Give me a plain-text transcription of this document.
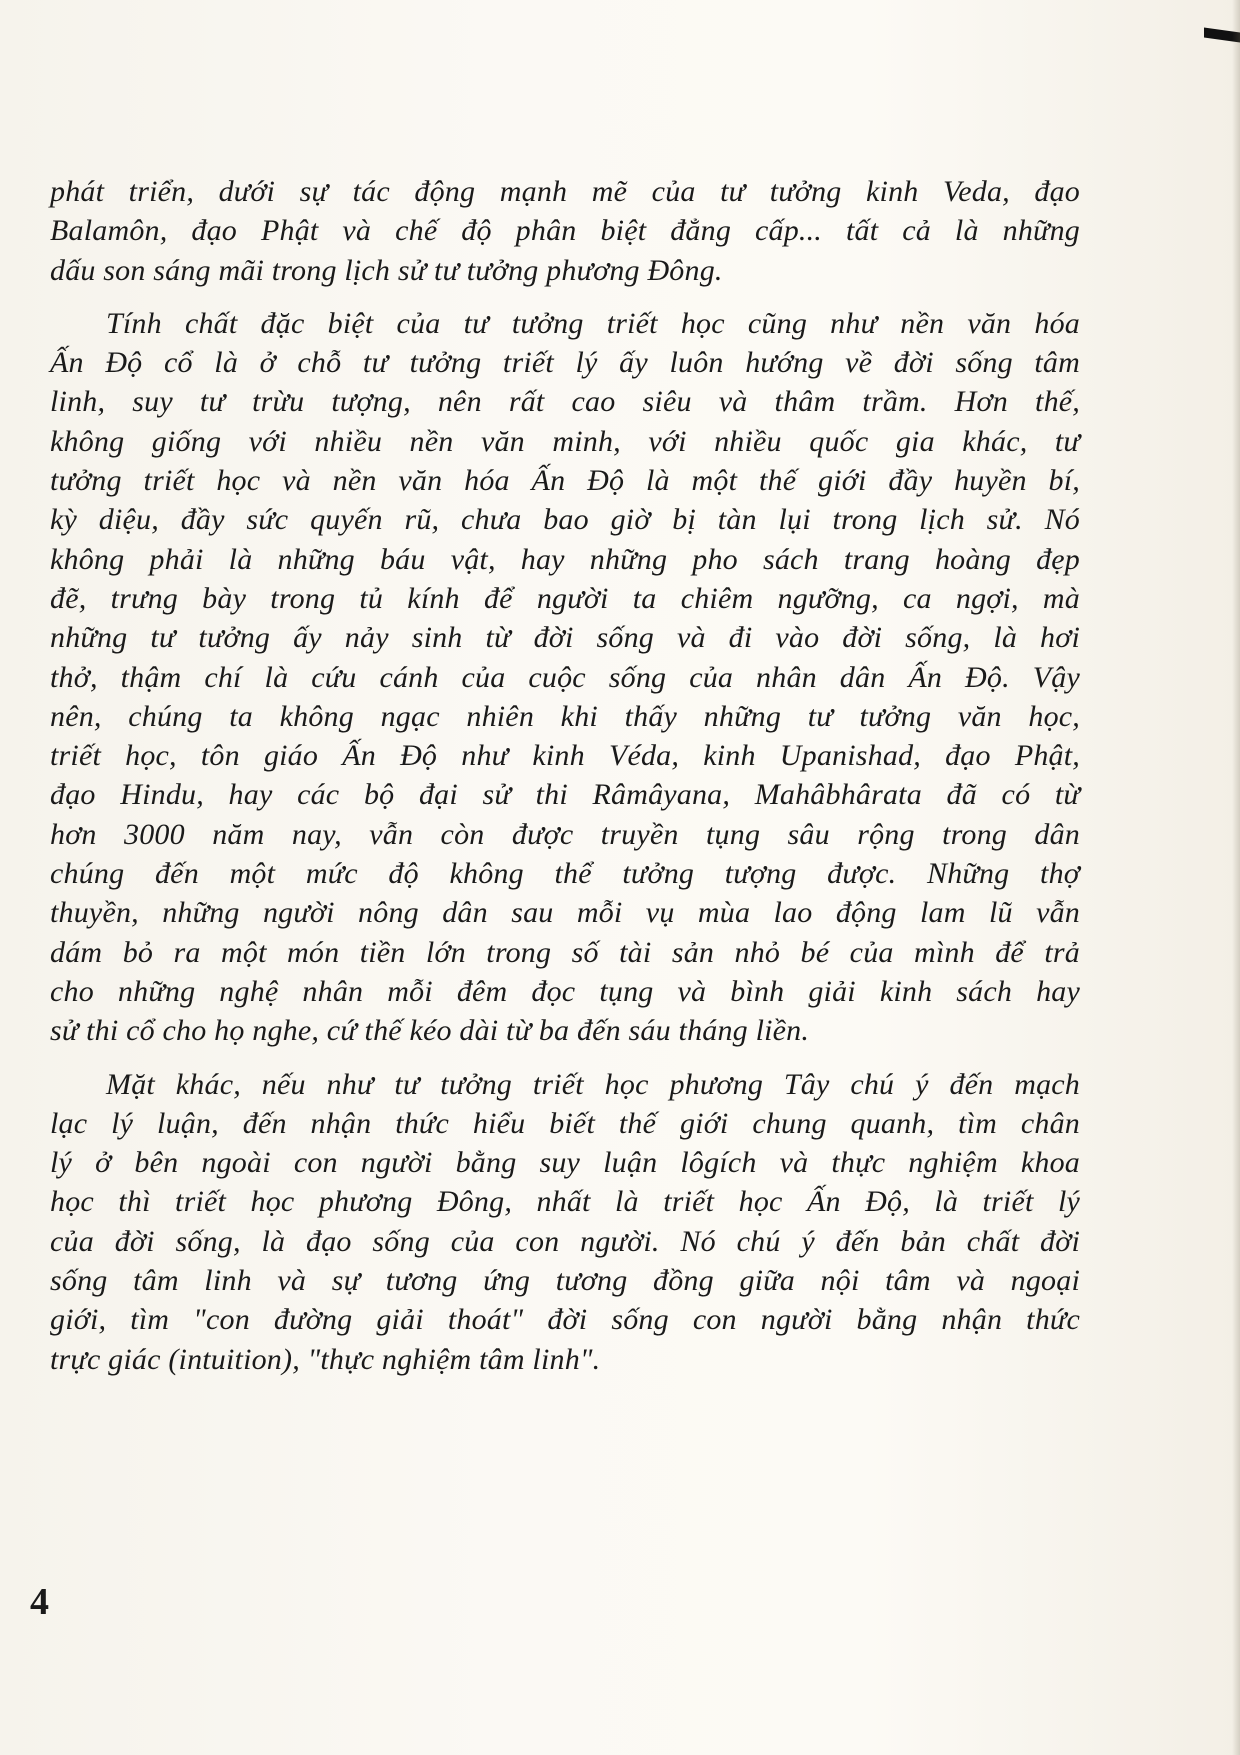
phát triển, dưới sự tác động mạnh mẽ của tư tưởng kinh Veda, đạo
Balamôn, đạo Phật và chế độ phân biệt đẳng cấp... tất cả là những
dấu son sáng mãi trong lịch sử tư tưởng phương Đông.

Tính chất đặc biệt của tư tưởng triết học cũng như nền văn hóa
Ấn Độ cổ là ở chỗ tư tưởng triết lý ấy luôn hướng về đời sống tâm
linh, suy tư trừu tượng, nên rất cao siêu và thâm trầm. Hơn thế,
không giống với nhiều nền văn minh, với nhiều quốc gia khác, tư
tưởng triết học và nền văn hóa Ấn Độ là một thế giới đầy huyền bí,
kỳ diệu, đầy sức quyến rũ, chưa bao giờ bị tàn lụi trong lịch sử. Nó
không phải là những báu vật, hay những pho sách trang hoàng đẹp
đẽ, trưng bày trong tủ kính để người ta chiêm ngưỡng, ca ngợi, mà
những tư tưởng ấy nảy sinh từ đời sống và đi vào đời sống, là hơi
thở, thậm chí là cứu cánh của cuộc sống của nhân dân Ấn Độ. Vậy
nên, chúng ta không ngạc nhiên khi thấy những tư tưởng văn học,
triết học, tôn giáo Ấn Độ như kinh Véda, kinh Upanishad, đạo Phật,
đạo Hindu, hay các bộ đại sử thi Râmâyana, Mahâbhârata đã có từ
hơn 3000 năm nay, vẫn còn được truyền tụng sâu rộng trong dân
chúng đến một mức độ không thể tưởng tượng được. Những thợ
thuyền, những người nông dân sau mỗi vụ mùa lao động lam lũ vẫn
dám bỏ ra một món tiền lớn trong số tài sản nhỏ bé của mình để trả
cho những nghệ nhân mỗi đêm đọc tụng và bình giải kinh sách hay
sử thi cổ cho họ nghe, cứ thế kéo dài từ ba đến sáu tháng liền.

Mặt khác, nếu như tư tưởng triết học phương Tây chú ý đến mạch
lạc lý luận, đến nhận thức hiểu biết thế giới chung quanh, tìm chân
lý ở bên ngoài con người bằng suy luận lôgích và thực nghiệm khoa
học thì triết học phương Đông, nhất là triết học Ấn Độ, là triết lý
của đời sống, là đạo sống của con người. Nó chú ý đến bản chất đời
sống tâm linh và sự tương ứng tương đồng giữa nội tâm và ngoại
giới, tìm "con đường giải thoát" đời sống con người bằng nhận thức
trực giác (intuition), "thực nghiệm tâm linh".

4
